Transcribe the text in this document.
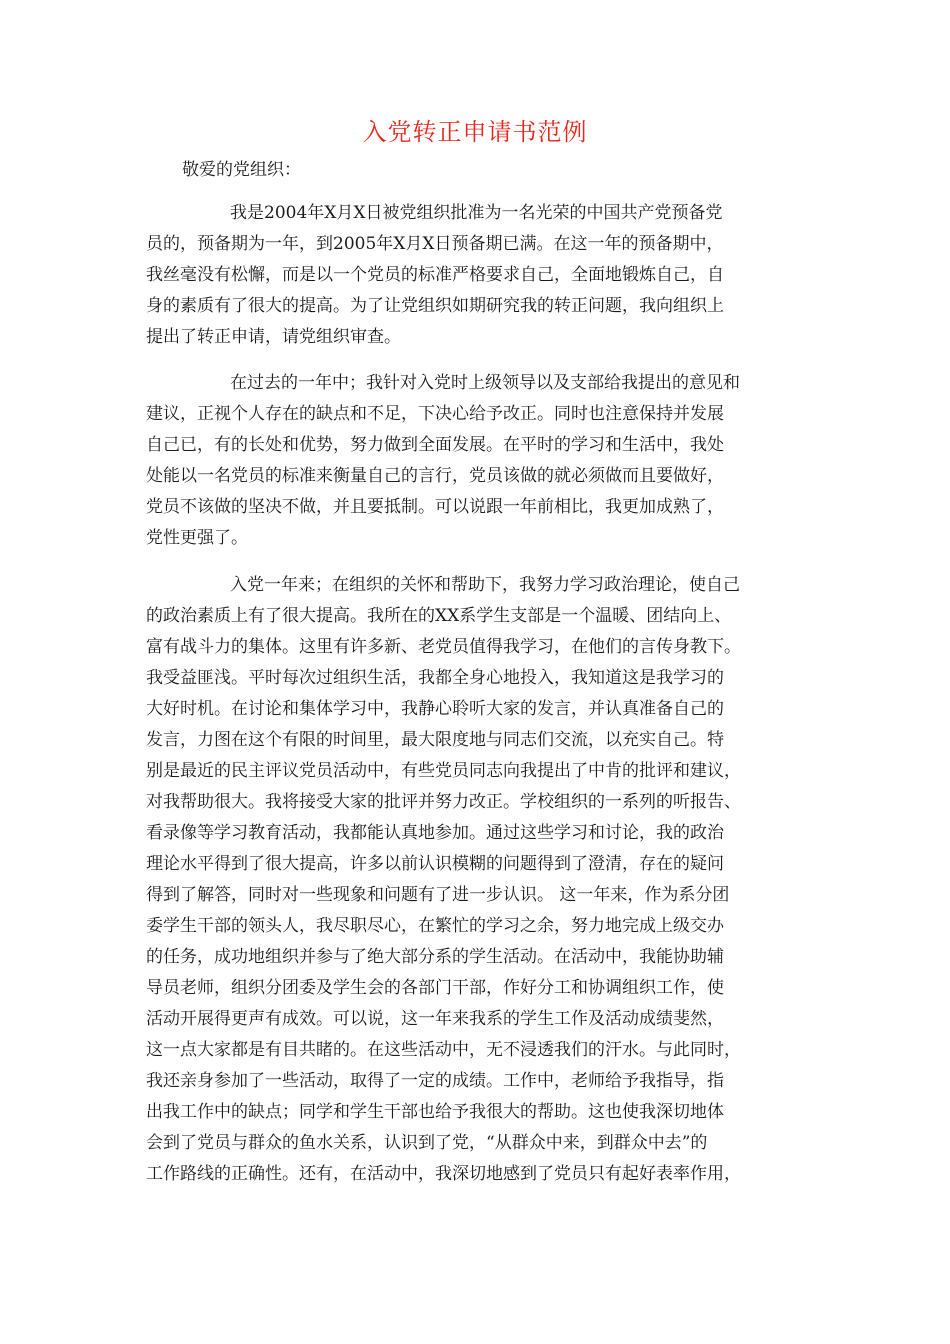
入党转正申请书范例
敬爱的党组织：
我是2004年X月X日被党组织批准为一名光荣的中国共产党预备党
员的，预备期为一年，到2005年X月X日预备期已满。在这一年的预备期中，
我丝毫没有松懈，而是以一个党员的标准严格要求自己，全面地锻炼自己，自
身的素质有了很大的提高。为了让党组织如期研究我的转正问题，我向组织上
提出了转正申请，请党组织审查。
在过去的一年中；我针对入党时上级领导以及支部给我提出的意见和
建议，正视个人存在的缺点和不足，下决心给予改正。同时也注意保持并发展
自己已，有的长处和优势，努力做到全面发展。在平时的学习和生活中，我处
处能以一名党员的标准来衡量自己的言行，党员该做的就必须做而且要做好，
党员不该做的坚决不做，并且要抵制。可以说跟一年前相比，我更加成熟了，
党性更强了。
入党一年来；在组织的关怀和帮助下，我努力学习政治理论，使自己
的政治素质上有了很大提高。我所在的XX系学生支部是一个温暖、团结向上、
富有战斗力的集体。这里有许多新、老党员值得我学习，在他们的言传身教下。
我受益匪浅。平时每次过组织生活，我都全身心地投入，我知道这是我学习的
大好时机。在讨论和集体学习中，我静心聆听大家的发言，并认真准备自己的
发言，力图在这个有限的时间里，最大限度地与同志们交流，以充实自己。特
别是最近的民主评议党员活动中，有些党员同志向我提出了中肯的批评和建议，
对我帮助很大。我将接受大家的批评并努力改正。学校组织的一系列的听报告、
看录像等学习教育活动，我都能认真地参加。通过这些学习和讨论，我的政治
理论水平得到了很大提高，许多以前认识模糊的问题得到了澄清，存在的疑问
得到了解答，同时对一些现象和问题有了进一步认识。 这一年来，作为系分团
委学生干部的领头人，我尽职尽心，在繁忙的学习之余，努力地完成上级交办
的任务，成功地组织并参与了绝大部分系的学生活动。在活动中，我能协助辅
导员老师，组织分团委及学生会的各部门干部，作好分工和协调组织工作，使
活动开展得更声有成效。可以说，这一年来我系的学生工作及活动成绩斐然，
这一点大家都是有目共睹的。在这些活动中，无不浸透我们的汗水。与此同时，
我还亲身参加了一些活动，取得了一定的成绩。工作中，老师给予我指导，指
出我工作中的缺点；同学和学生干部也给予我很大的帮助。这也使我深切地体
会到了党员与群众的鱼水关系，认识到了党，“从群众中来，到群众中去”的
工作路线的正确性。还有，在活动中，我深切地感到了党员只有起好表率作用，
